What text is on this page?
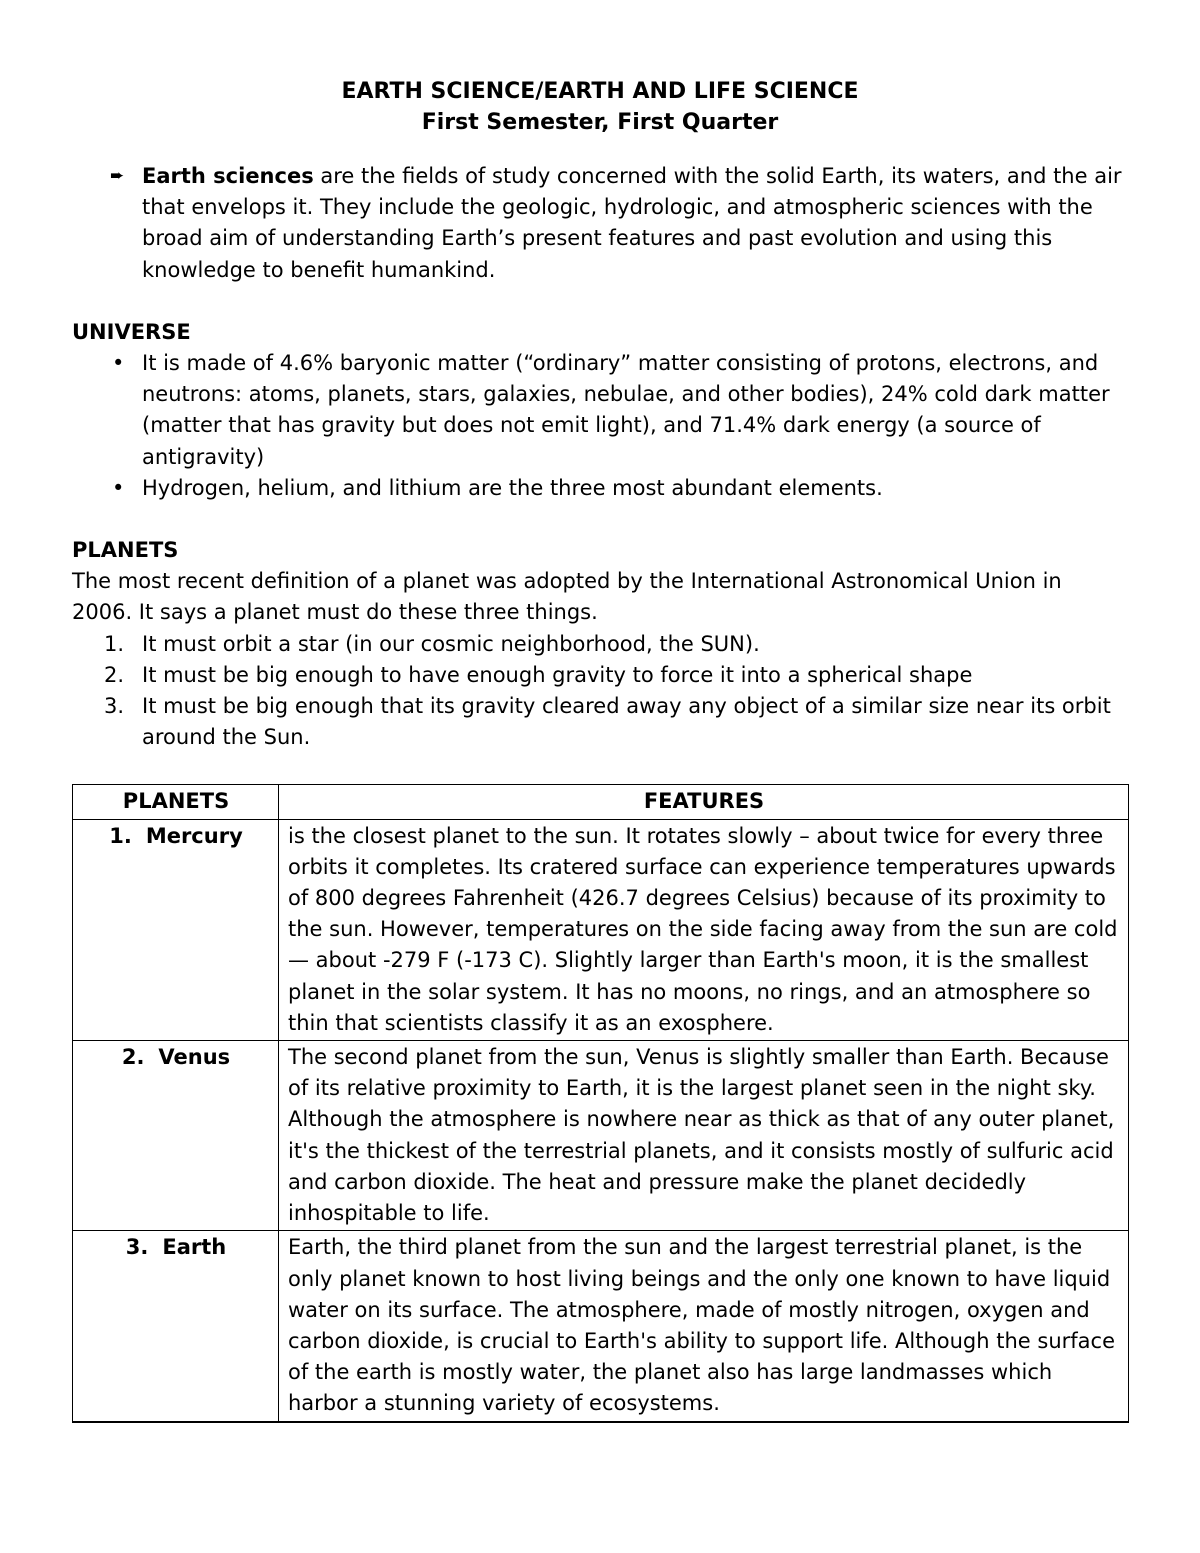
EARTH SCIENCE/EARTH AND LIFE SCIENCE

First Semester, First Quarter

➨ Earth sciences are the fields of study concerned with the solid Earth, its waters, and the air that envelops it. They include the geologic, hydrologic, and atmospheric sciences with the broad aim of understanding Earth’s present features and past evolution and using this knowledge to benefit humankind.

UNIVERSE

• It is made of 4.6% baryonic matter (“ordinary” matter consisting of protons, electrons, and neutrons: atoms, planets, stars, galaxies, nebulae, and other bodies), 24% cold dark matter (matter that has gravity but does not emit light), and 71.4% dark energy (a source of antigravity)
• Hydrogen, helium, and lithium are the three most abundant elements.

PLANETS

The most recent definition of a planet was adopted by the International Astronomical Union in 2006. It says a planet must do these three things.

1. It must orbit a star (in our cosmic neighborhood, the SUN).
2. It must be big enough to have enough gravity to force it into a spherical shape
3. It must be big enough that its gravity cleared away any object of a similar size near its orbit around the Sun.
PLANETS	FEATURES
1. Mercury	is the closest planet to the sun. It rotates slowly – about twice for every three orbits it completes. Its cratered surface can experience temperatures upwards of 800 degrees Fahrenheit (426.7 degrees Celsius) because of its proximity to the sun. However, temperatures on the side facing away from the sun are cold — about -279 F (-173 C). Slightly larger than Earth's moon, it is the smallest planet in the solar system. It has no moons, no rings, and an atmosphere so thin that scientists classify it as an exosphere.
2. Venus	The second planet from the sun, Venus is slightly smaller than Earth. Because of its relative proximity to Earth, it is the largest planet seen in the night sky. Although the atmosphere is nowhere near as thick as that of any outer planet, it's the thickest of the terrestrial planets, and it consists mostly of sulfuric acid and carbon dioxide. The heat and pressure make the planet decidedly inhospitable to life.
3. Earth	Earth, the third planet from the sun and the largest terrestrial planet, is the only planet known to host living beings and the only one known to have liquid water on its surface. The atmosphere, made of mostly nitrogen, oxygen and carbon dioxide, is crucial to Earth's ability to support life. Although the surface of the earth is mostly water, the planet also has large landmasses which harbor a stunning variety of ecosystems.
